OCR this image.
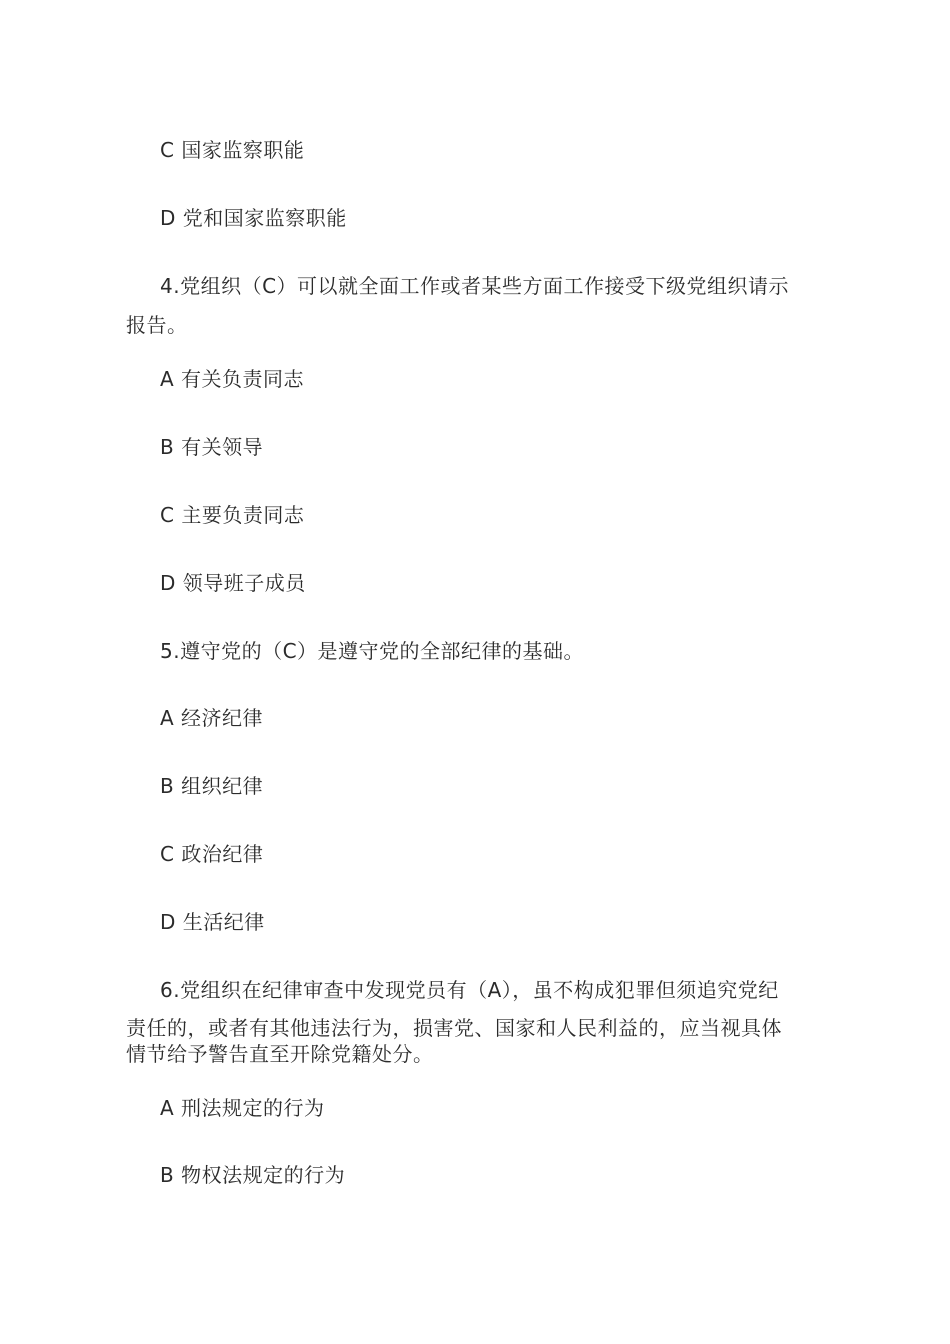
C 国家监察职能
D 党和国家监察职能
4.党组织（C）可以就全面工作或者某些方面工作接受下级党组织请示
报告。
A 有关负责同志
B 有关领导
C 主要负责同志
D 领导班子成员
5.遵守党的（C）是遵守党的全部纪律的基础。
A 经济纪律
B 组织纪律
C 政治纪律
D 生活纪律
6.党组织在纪律审查中发现党员有（A），虽不构成犯罪但须追究党纪
责任的，或者有其他违法行为，损害党、国家和人民利益的，应当视具体
情节给予警告直至开除党籍处分。
A 刑法规定的行为
B 物权法规定的行为
